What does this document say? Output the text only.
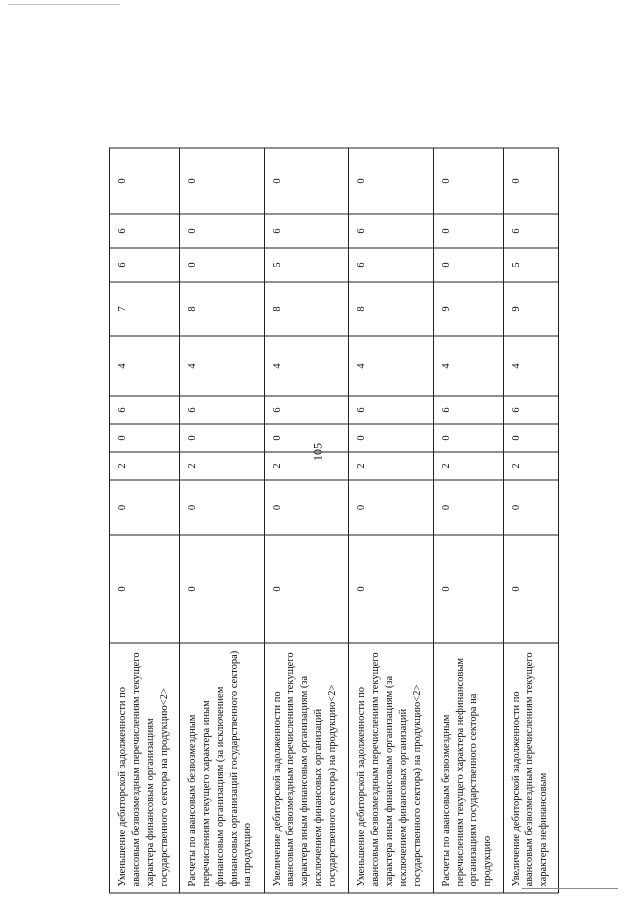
105
Уменьшение дебиторской задолженности по авансовым безвозмездным перечислениям текущего характера финансовым организациям государственного сектора на продукцию<2>	0	0	2	0	6	4	7	6	6	0
Расчеты по авансовым безвозмездным перечислениям текущего характера иным финансовым организациям (за исключением финансовых организаций государственного сектора) на продукцию	0	0	2	0	6	4	8	0	0	0
Увеличение дебиторской задолженности по авансовым безвозмездным перечислениям текущего характера иным финансовым организациям (за исключением финансовых организаций государственного сектора) на продукцию<2>	0	0	2	0	6	4	8	5	6	0
Уменьшение дебиторской задолженности по авансовым безвозмездным перечислениям текущего характера иным финансовым организациям (за исключением финансовых организаций государственного сектора) на продукцию<2>	0	0	2	0	6	4	8	6	6	0
Расчеты по авансовым безвозмездным перечислениям текущего характера нефинансовым организациям государственного сектора на продукцию	0	0	2	0	6	4	9	0	0	0
Увеличение дебиторской задолженности по авансовым безвозмездным перечислениям текущего характера нефинансовым	0	0	2	0	6	4	9	5	6	0
